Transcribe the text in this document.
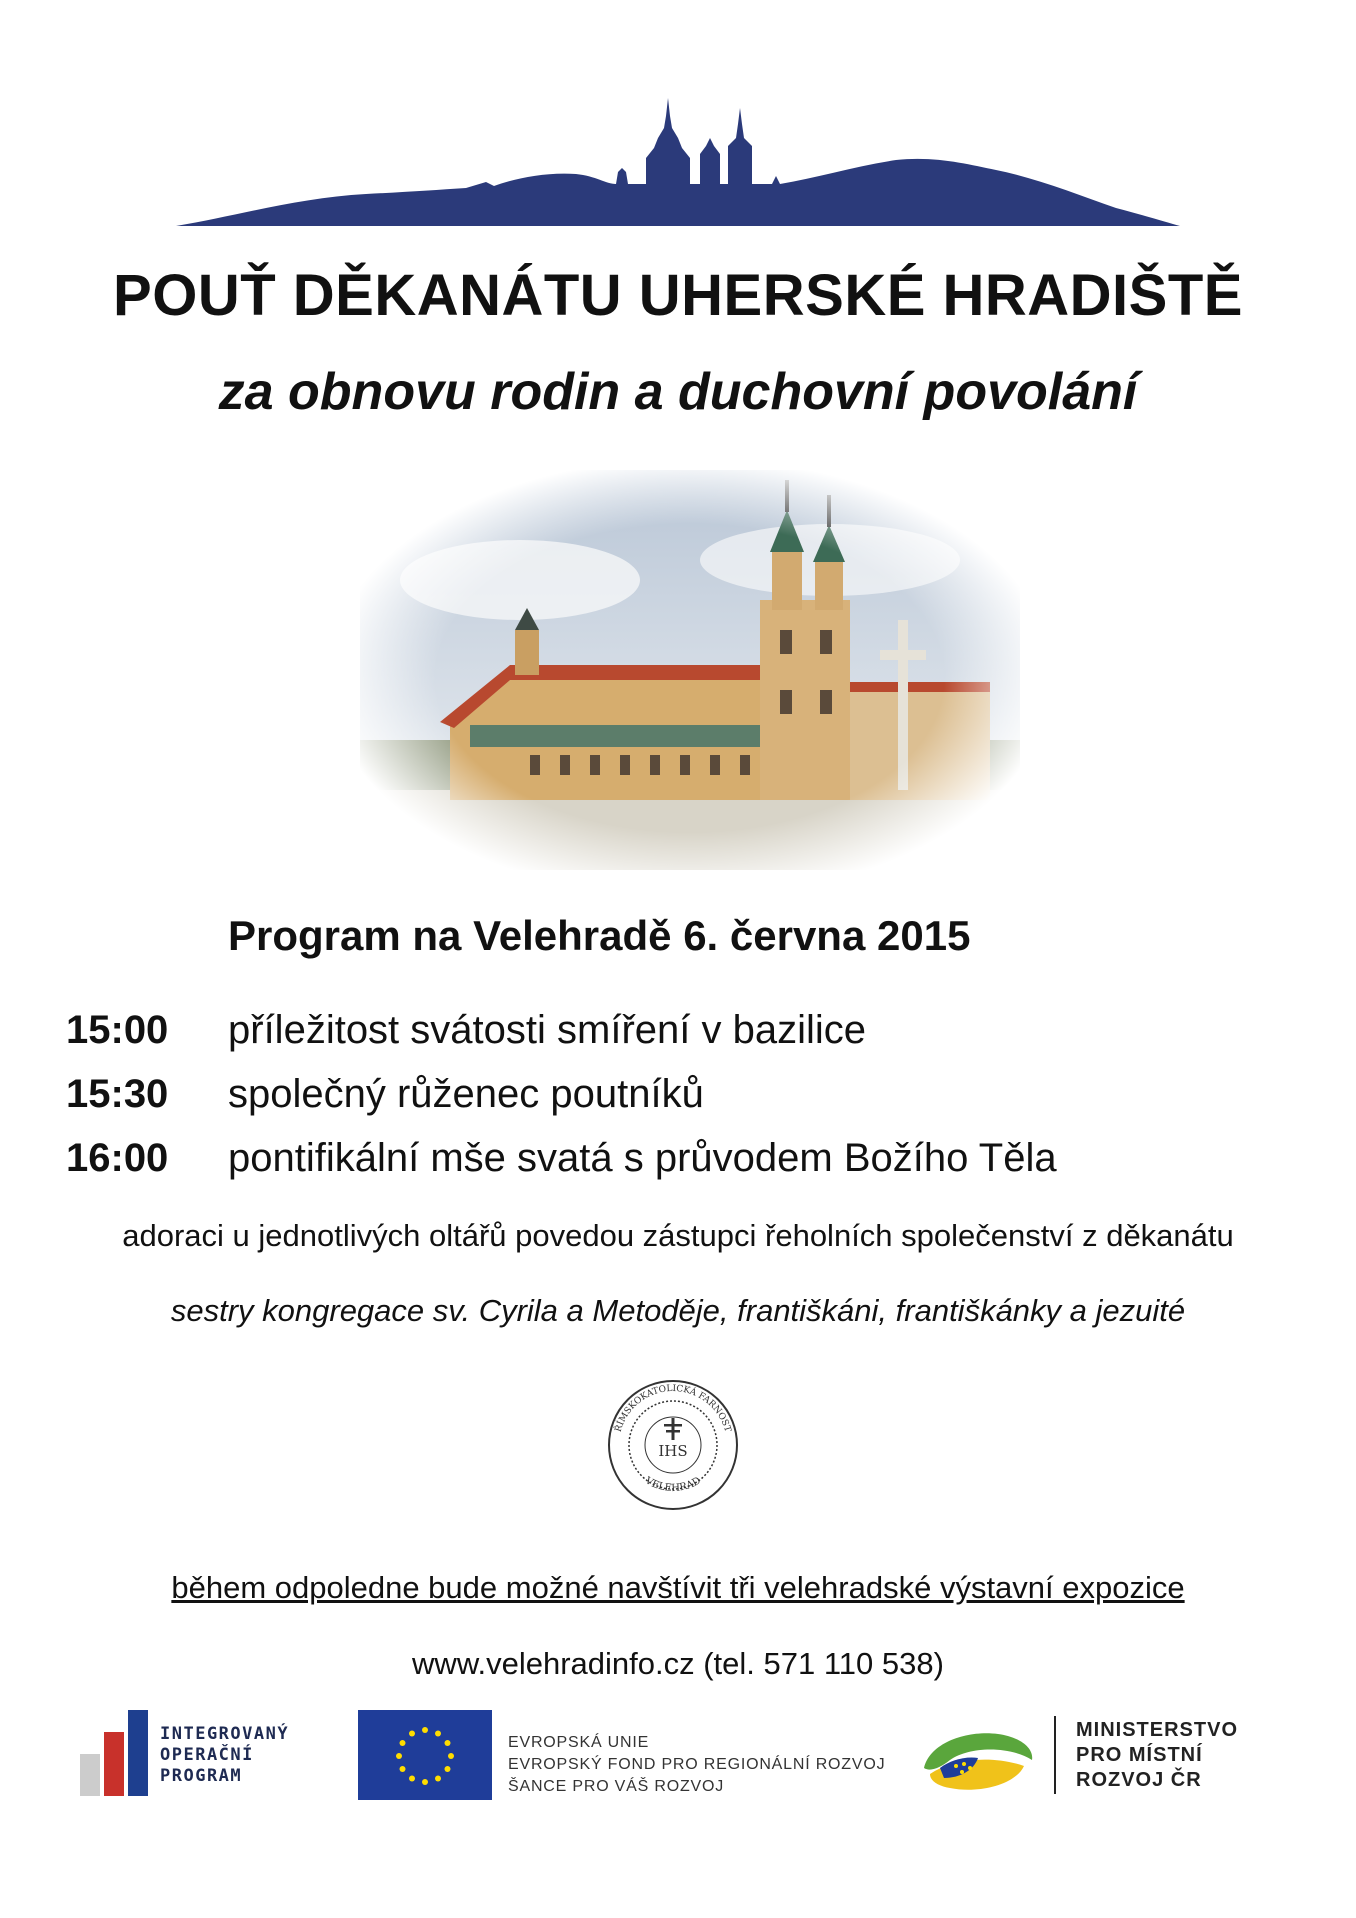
POUŤ DĚKANÁTU UHERSKÉ HRADIŠTĚ
za obnovu rodin a duchovní povolání
Program na Velehradě 6. června 2015
15:00 příležitost svátosti smíření v bazilice
15:30 společný růženec poutníků
16:00 pontifikální mše svatá s průvodem Božího Těla
adoraci u jednotlivých oltářů povedou zástupci řeholních společenství z děkanátu
sestry kongregace sv. Cyrila a Metoděje, františkáni, františkánky a jezuité
ŘÍMSKOKATOLICKÁ FARNOST
VELEHRAD
IHS
během odpoledne bude možné navštívit tři velehradské výstavní expozice
www.velehradinfo.cz (tel. 571 110 538)
INTEGROVANÝ
OPERAČNÍ
PROGRAM
EVROPSKÁ UNIE
EVROPSKÝ FOND PRO REGIONÁLNÍ ROZVOJ
ŠANCE PRO VÁŠ ROZVOJ
MINISTERSTVO
PRO MÍSTNÍ
ROZVOJ ČR
